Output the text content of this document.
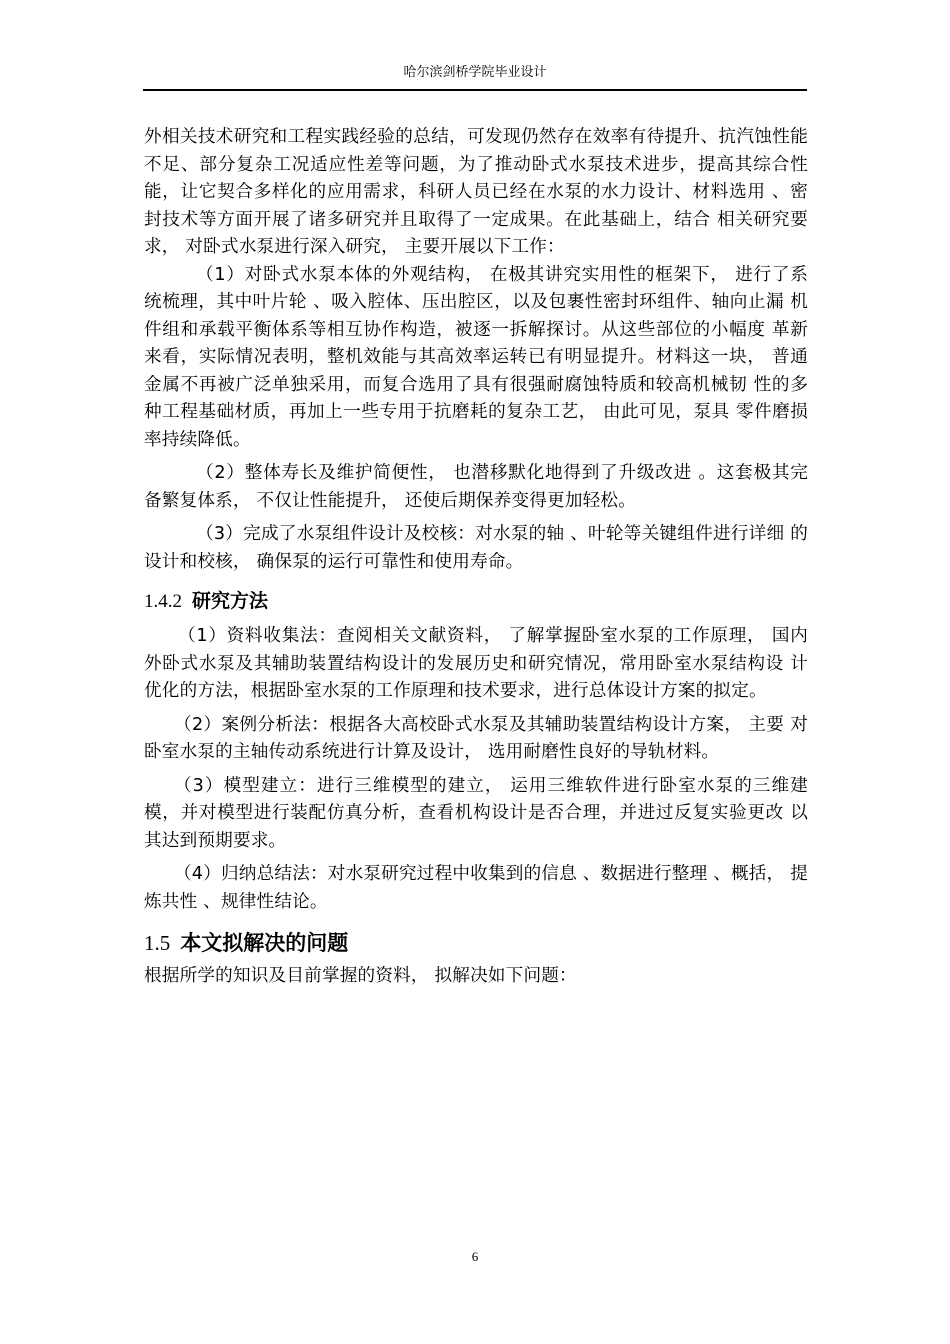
哈尔滨剑桥学院毕业设计

外相关技术研究和工程实践经验的总结，可发现仍然存在效率有待提升、抗汽蚀性能不足、部分复杂工况适应性差等问题，为了推动卧式水泵技术进步，提高其综合性能，让它契合多样化的应用需求，科研人员已经在水泵的水力设计、材料选用 、密封技术等方面开展了诸多研究并且取得了一定成果。在此基础上，结合 相关研究要求， 对卧式水泵进行深入研究， 主要开展以下工作：

（1）对卧式水泵本体的外观结构， 在极其讲究实用性的框架下， 进行了系 统梳理，其中叶片轮 、吸入腔体、压出腔区，以及包裹性密封环组件、轴向止漏 机件组和承载平衡体系等相互协作构造，被逐一拆解探讨。从这些部位的小幅度 革新来看，实际情况表明，整机效能与其高效率运转已有明显提升。材料这一块， 普通金属不再被广泛单独采用，而复合选用了具有很强耐腐蚀特质和较高机械韧 性的多种工程基础材质，再加上一些专用于抗磨耗的复杂工艺， 由此可见，泵具 零件磨损率持续降低。

（2）整体寿长及维护简便性， 也潜移默化地得到了升级改进 。这套极其完 备繁复体系， 不仅让性能提升， 还使后期保养变得更加轻松。

（3）完成了水泵组件设计及校核：对水泵的轴 、叶轮等关键组件进行详细 的设计和校核， 确保泵的运行可靠性和使用寿命。

1.4.2 研究方法

（1）资料收集法：查阅相关文献资料， 了解掌握卧室水泵的工作原理， 国内 外卧式水泵及其辅助装置结构设计的发展历史和研究情况，常用卧室水泵结构设 计优化的方法，根据卧室水泵的工作原理和技术要求，进行总体设计方案的拟定。

（2）案例分析法：根据各大高校卧式水泵及其辅助装置结构设计方案， 主要 对卧室水泵的主轴传动系统进行计算及设计， 选用耐磨性良好的导轨材料。

（3）模型建立：进行三维模型的建立， 运用三维软件进行卧室水泵的三维建 模，并对模型进行装配仿真分析，查看机构设计是否合理，并进过反复实验更改 以其达到预期要求。

（4）归纳总结法：对水泵研究过程中收集到的信息 、数据进行整理 、概括， 提炼共性 、规律性结论。

1.5 本文拟解决的问题

根据所学的知识及目前掌握的资料， 拟解决如下问题：

6
